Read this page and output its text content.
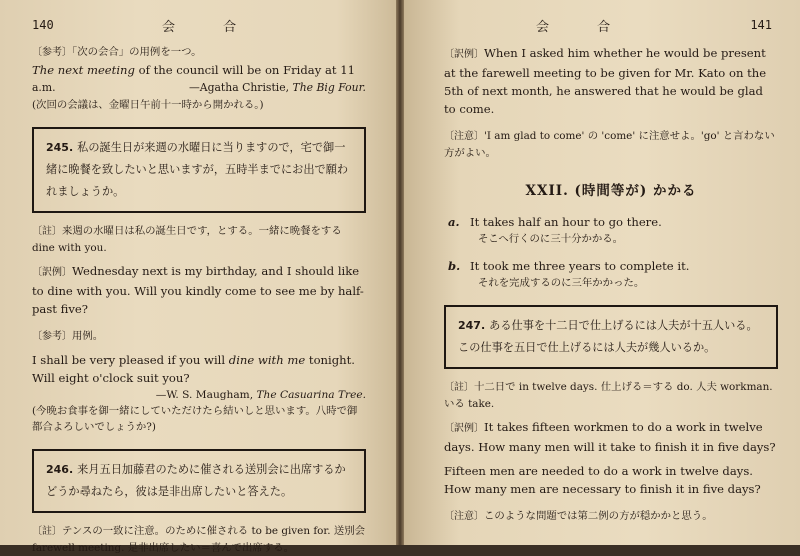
140	会 合

〔参考〕「次の会合」の用例を一つ。

The next meeting of the council will be on Friday at 11

a.m.	—Agatha Christie, The Big Four.

(次回の会議は、金曜日午前十一時から開かれる。)

245. 私の誕生日が来週の水曜日に当りますので，宅で御一緒に晩餐を致したいと思いますが，五時半までにお出で願われましょうか。

〔註〕来週の水曜日は私の誕生日です，とする。一緒に晩餐をする dine with you.

〔訳例〕Wednesday next is my birthday, and I should like to dine with you. Will you kindly come to see me by half-past five?

〔参考〕用例。

I shall be very pleased if you will dine with me tonight. Will eight o'clock suit you?

—W. S. Maugham, The Casuarina Tree.

(今晩お食事を御一緒にしていただけたら結いしと思います。八時で御都合よろしいでしょうか?)

246. 来月五日加藤君のために催される送別会に出席するかどうか尋ねたら，彼は是非出席したいと答えた。

〔註〕テンスの一致に注意。のために催される to be given for. 送別会 farewell meeting. 是非出席したい＝喜んで出席する。

会 合	141

〔訳例〕When I asked him whether he would be present at the farewell meeting to be given for Mr. Kato on the 5th of next month, he answered that he would be glad to come.

〔注意〕'I am glad to come' の 'come' に注意せよ。'go' と言わない方がよい。

XXII. (時間等が) かかる

a. It takes half an hour to go there.

そこへ行くのに三十分かかる。

b. It took me three years to complete it.

それを完成するのに三年かかった。

247. ある仕事を十二日で仕上げるには人夫が十五人いる。この仕事を五日で仕上げるには人夫が幾人いるか。

〔註〕十二日で in twelve days. 仕上げる＝する do. 人夫 workman. いる take.

〔訳例〕It takes fifteen workmen to do a work in twelve days. How many men will it take to finish it in five days?

Fifteen men are needed to do a work in twelve days. How many men are necessary to finish it in five days?

〔注意〕このような問題では第二例の方が穏かかと思う。
